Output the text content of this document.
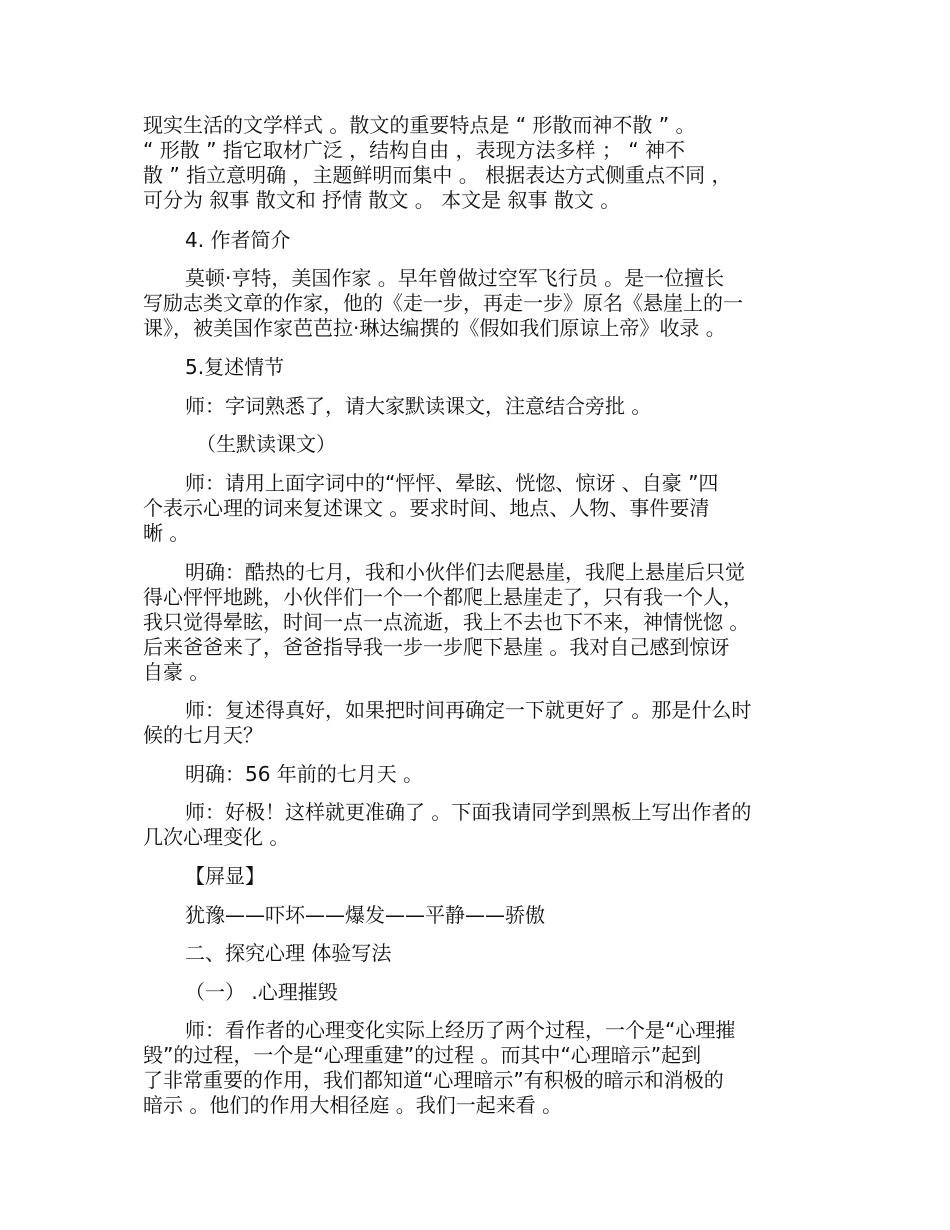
现实生活的文学样式 。散文的重要特点是 “ 形散而神不散 ” 。
“ 形散 ” 指它取材广泛 ，结构自由 ，表现方法多样 ； “ 神不
散 ” 指立意明确 ，主题鲜明而集中 。 根据表达方式侧重点不同 ，
可分为 叙事 散文和 抒情 散文 。 本文是 叙事 散文 。
4. 作者简介
莫顿·亨特，美国作家 。早年曾做过空军飞行员 。是一位擅长
写励志类文章的作家，他的《走一步，再走一步》原名《悬崖上的一
课》，被美国作家芭芭拉·琳达编撰的《假如我们原谅上帝》收录 。
5.复述情节
师：字词熟悉了，请大家默读课文，注意结合旁批 。
（生默读课文）
师：请用上面字词中的“怦怦、晕眩、恍惚、惊讶 、自豪 ”四
个表示心理的词来复述课文 。要求时间、地点、人物、事件要清
晰 。
明确：酷热的七月，我和小伙伴们去爬悬崖，我爬上悬崖后只觉
得心怦怦地跳，小伙伴们一个一个都爬上悬崖走了，只有我一个人，
我只觉得晕眩，时间一点一点流逝，我上不去也下不来，神情恍惚 。
后来爸爸来了，爸爸指导我一步一步爬下悬崖 。我对自己感到惊讶
自豪 。
师：复述得真好，如果把时间再确定一下就更好了 。那是什么时
候的七月天？
明确：56 年前的七月天 。
师：好极！这样就更准确了 。下面我请同学到黑板上写出作者的
几次心理变化 。
【屏显】
犹豫——吓坏——爆发——平静——骄傲
二、探究心理 体验写法
（一） .心理摧毁
师：看作者的心理变化实际上经历了两个过程，一个是“心理摧
毁”的过程，一个是“心理重建”的过程 。而其中“心理暗示”起到
了非常重要的作用，我们都知道“心理暗示”有积极的暗示和消极的
暗示 。他们的作用大相径庭 。我们一起来看 。
